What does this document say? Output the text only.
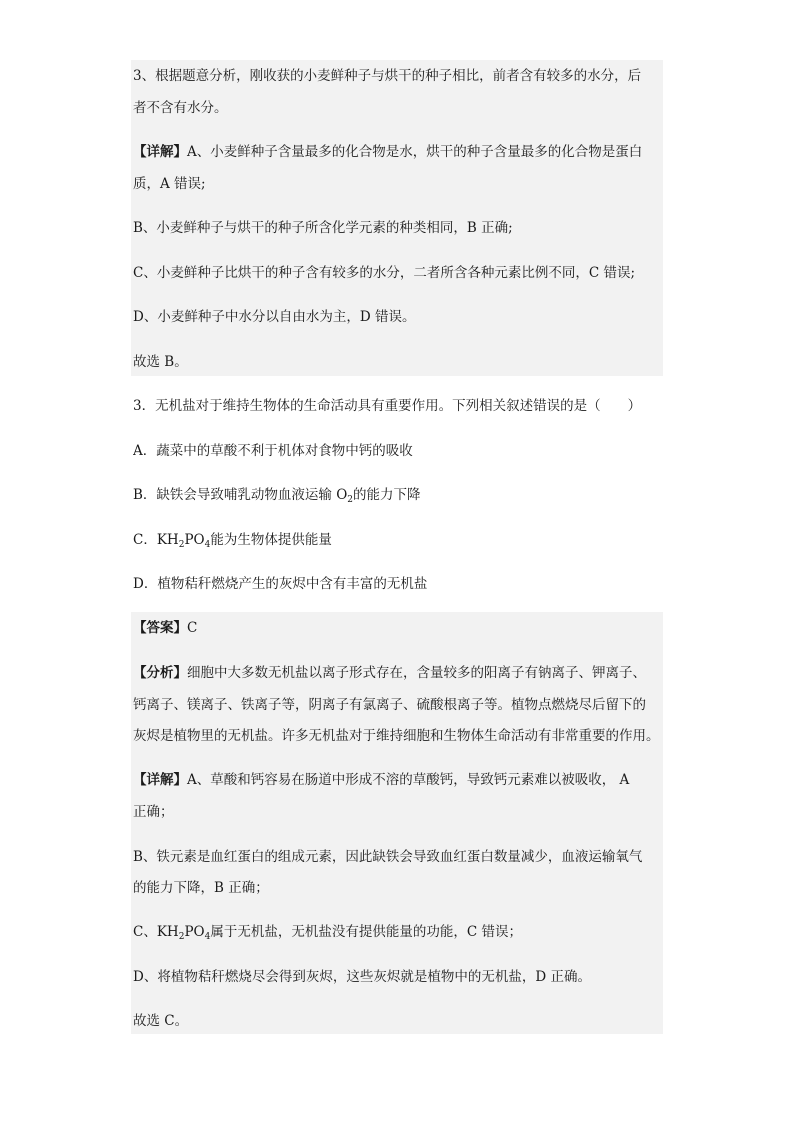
3、根据题意分析，刚收获的小麦鲜种子与烘干的种子相比，前者含有较多的水分，后
者不含有水分。
【详解】A、小麦鲜种子含量最多的化合物是水，烘干的种子含量最多的化合物是蛋白
质，A 错误;
B、小麦鲜种子与烘干的种子所含化学元素的种类相同，B 正确;
C、小麦鲜种子比烘干的种子含有较多的水分，二者所含各种元素比例不同，C 错误;
D、小麦鲜种子中水分以自由水为主，D 错误。
故选 B。
3．无机盐对于维持生物体的生命活动具有重要作用。下列相关叙述错误的是（　　）
A．蔬菜中的草酸不利于机体对食物中钙的吸收
B．缺铁会导致哺乳动物血液运输 $O_2$的能力下降
C．$KH_2PO_4$能为生物体提供能量
D．植物秸秆燃烧产生的灰烬中含有丰富的无机盐
【答案】C
【分析】细胞中大多数无机盐以离子形式存在，含量较多的阳离子有钠离子、钾离子、
钙离子、镁离子、铁离子等，阴离子有氯离子、硫酸根离子等。植物点燃烧尽后留下的
灰烬是植物里的无机盐。许多无机盐对于维持细胞和生物体生命活动有非常重要的作用。
【详解】A、草酸和钙容易在肠道中形成不溶的草酸钙，导致钙元素难以被吸收， A
正确；
B、铁元素是血红蛋白的组成元素，因此缺铁会导致血红蛋白数量减少，血液运输氧气
的能力下降，B 正确；
C、$KH_2PO_4$属于无机盐，无机盐没有提供能量的功能，C 错误；
D、将植物秸秆燃烧尽会得到灰烬，这些灰烬就是植物中的无机盐，D 正确。
故选 C。
